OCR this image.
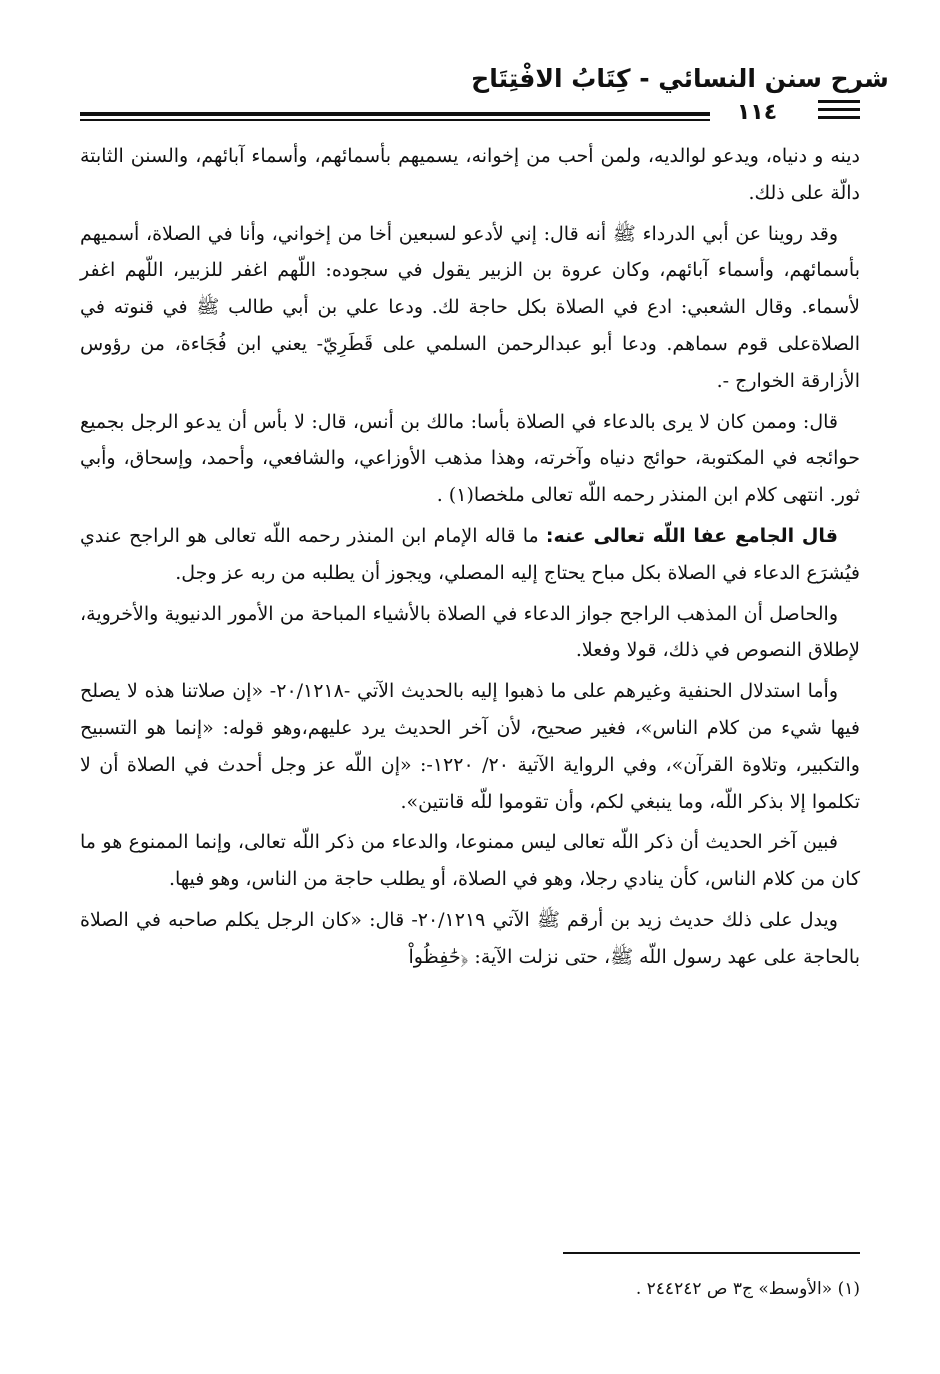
شرح سنن النسائي - كِتَابُ الافْتِتَاح
١١٤

دينه و دنياه، ويدعو لوالديه، ولمن أحب من إخوانه، يسميهم بأسمائهم، وأسماء آبائهم، والسنن الثابتة دالّة على ذلك.

وقد روينا عن أبي الدرداء ﷺ أنه قال: إني لأدعو لسبعين أخا من إخواني، وأنا في الصلاة، أسميهم بأسمائهم، وأسماء آبائهم، وكان عروة بن الزبير يقول في سجوده: اللّهم اغفر للزبير، اللّهم اغفر لأسماء. وقال الشعبي: ادع في الصلاة بكل حاجة لك. ودعا علي بن أبي طالب ﷺ في قنوته في الصلاةعلى قوم سماهم. ودعا أبو عبدالرحمن السلمي على قَطَرِيّ- يعني ابن فُجَاءة، من رؤوس الأزارقة الخوارج -.

قال: وممن كان لا يرى بالدعاء في الصلاة بأسا: مالك بن أنس، قال: لا بأس أن يدعو الرجل بجميع حوائجه في المكتوبة، حوائج دنياه وآخرته، وهذا مذهب الأوزاعي، والشافعي، وأحمد، وإسحاق، وأبي ثور. انتهى كلام ابن المنذر رحمه اللّه تعالى ملخصا(١) .

قال الجامع عفا اللّه تعالى عنه: ما قاله الإمام ابن المنذر رحمه اللّه تعالى هو الراجح عندي فيُشرَع الدعاء في الصلاة بكل مباح يحتاج إليه المصلي، ويجوز أن يطلبه من ربه عز وجل.

والحاصل أن المذهب الراجح جواز الدعاء في الصلاة بالأشياء المباحة من الأمور الدنيوية والأخروية، لإطلاق النصوص في ذلك، قولا وفعلا.

وأما استدلال الحنفية وغيرهم على ما ذهبوا إليه بالحديث الآتي -٢٠/١٢١٨- «إن صلاتنا هذه لا يصلح فيها شيء من كلام الناس»، فغير صحيح، لأن آخر الحديث يرد عليهم،وهو قوله: «إنما هو التسبيح والتكبير، وتلاوة القرآن»، وفي الرواية الآتية ٢٠/ ١٢٢٠-: «إن اللّه عز وجل أحدث في الصلاة أن لا تكلموا إلا بذكر اللّه، وما ينبغي لكم، وأن تقوموا للّه قانتين».

فبين آخر الحديث أن ذكر اللّه تعالى ليس ممنوعا، والدعاء من ذكر اللّه تعالى، وإنما الممنوع هو ما كان من كلام الناس، كأن ينادي رجلا، وهو في الصلاة، أو يطلب حاجة من الناس، وهو فيها.

ويدل على ذلك حديث زيد بن أرقم ﷺ الآتي ٢٠/١٢١٩- قال: «كان الرجل يكلم صاحبه في الصلاة بالحاجة على عهد رسول اللّه ﷺ، حتى نزلت الآية: ﴿حَٰفِظُواْ

(١) «الأوسط» ج٣ ص ٢٤٤٢٤٢ .
